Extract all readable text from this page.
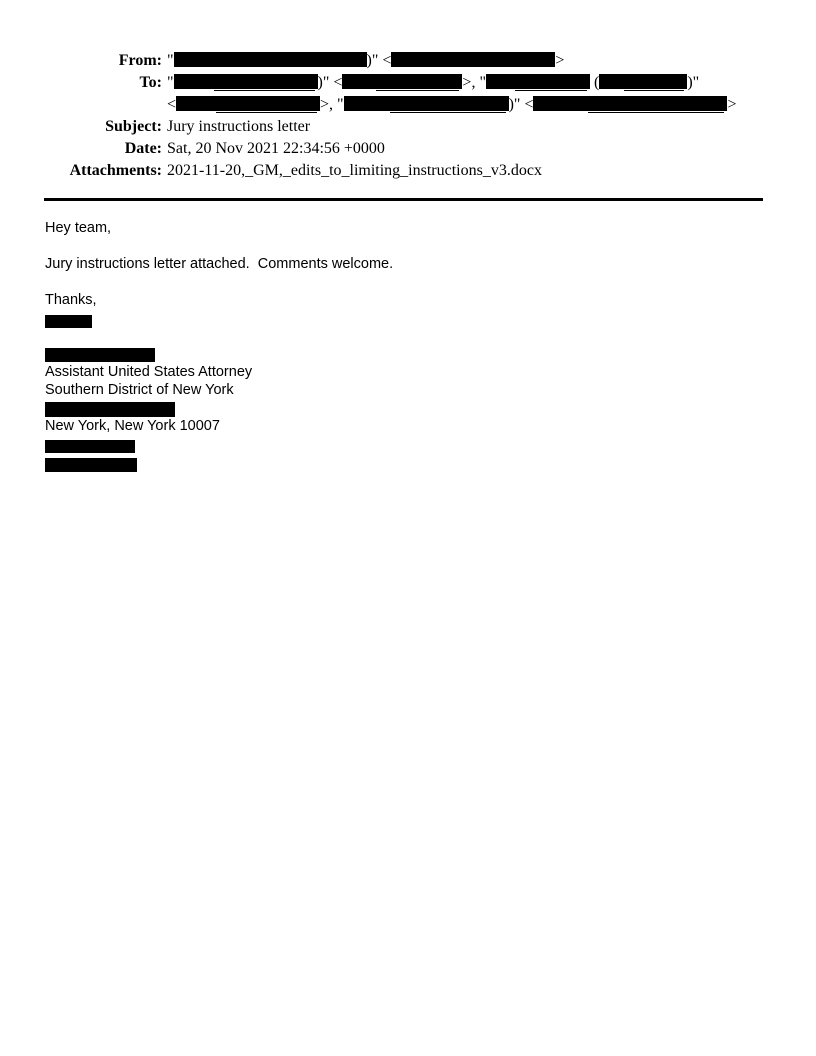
From: "	)" <	>
To: "	)" <	>, "	(	)"
<	>, "	)" <	>
Subject: Jury instructions letter
Date: Sat, 20 Nov 2021 22:34:56 +0000
Attachments: 2021-11-20,_GM,_edits_to_limiting_instructions_v3.docx
Hey team,
Jury instructions letter attached.  Comments welcome.
Thanks,
Assistant United States Attorney
Southern District of New York
New York, New York 10007
